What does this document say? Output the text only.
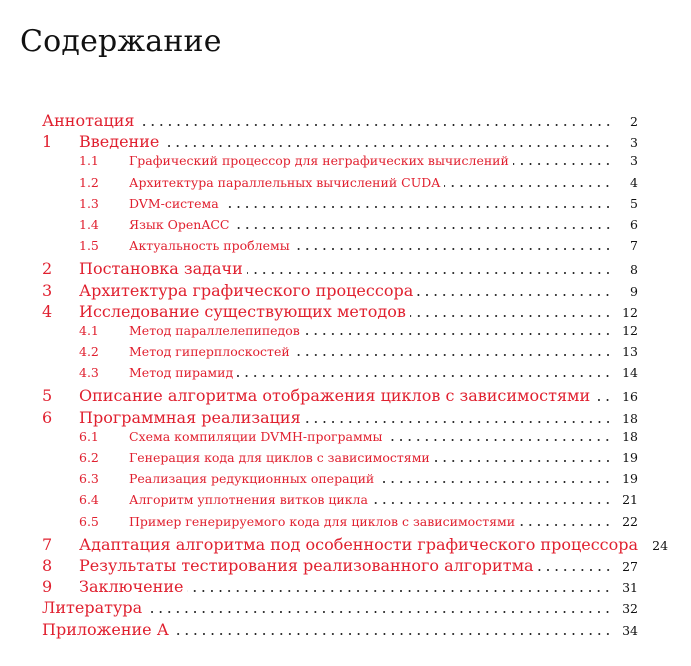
Содержание
Аннотация	2
1	Введение	3
1.1	Графический процессор для неграфических вычислений	3
1.2	Архитектура параллельных вычислений CUDA	4
1.3	DVM-система	5
1.4	Язык OpenACC	6
1.5	Актуальность проблемы	7
2	Постановка задачи	8
3	Архитектура графического процессора	9
4	Исследование существующих методов	12
4.1	Метод параллелепипедов	12
4.2	Метод гиперплоскостей	13
4.3	Метод пирамид	14
5	Описание алгоритма отображения циклов с зависимостями	16
6	Программная реализация	18
6.1	Схема компиляции DVMH-программы	18
6.2	Генерация кода для циклов с зависимостями	19
6.3	Реализация редукционных операций	19
6.4	Алгоритм уплотнения витков цикла	21
6.5	Пример генерируемого кода для циклов с зависимостями	22
7	Адаптация алгоритма под особенности графического процессора	24
8	Результаты тестирования реализованного алгоритма	27
9	Заключение	31
Литература	32
Приложение А	34
